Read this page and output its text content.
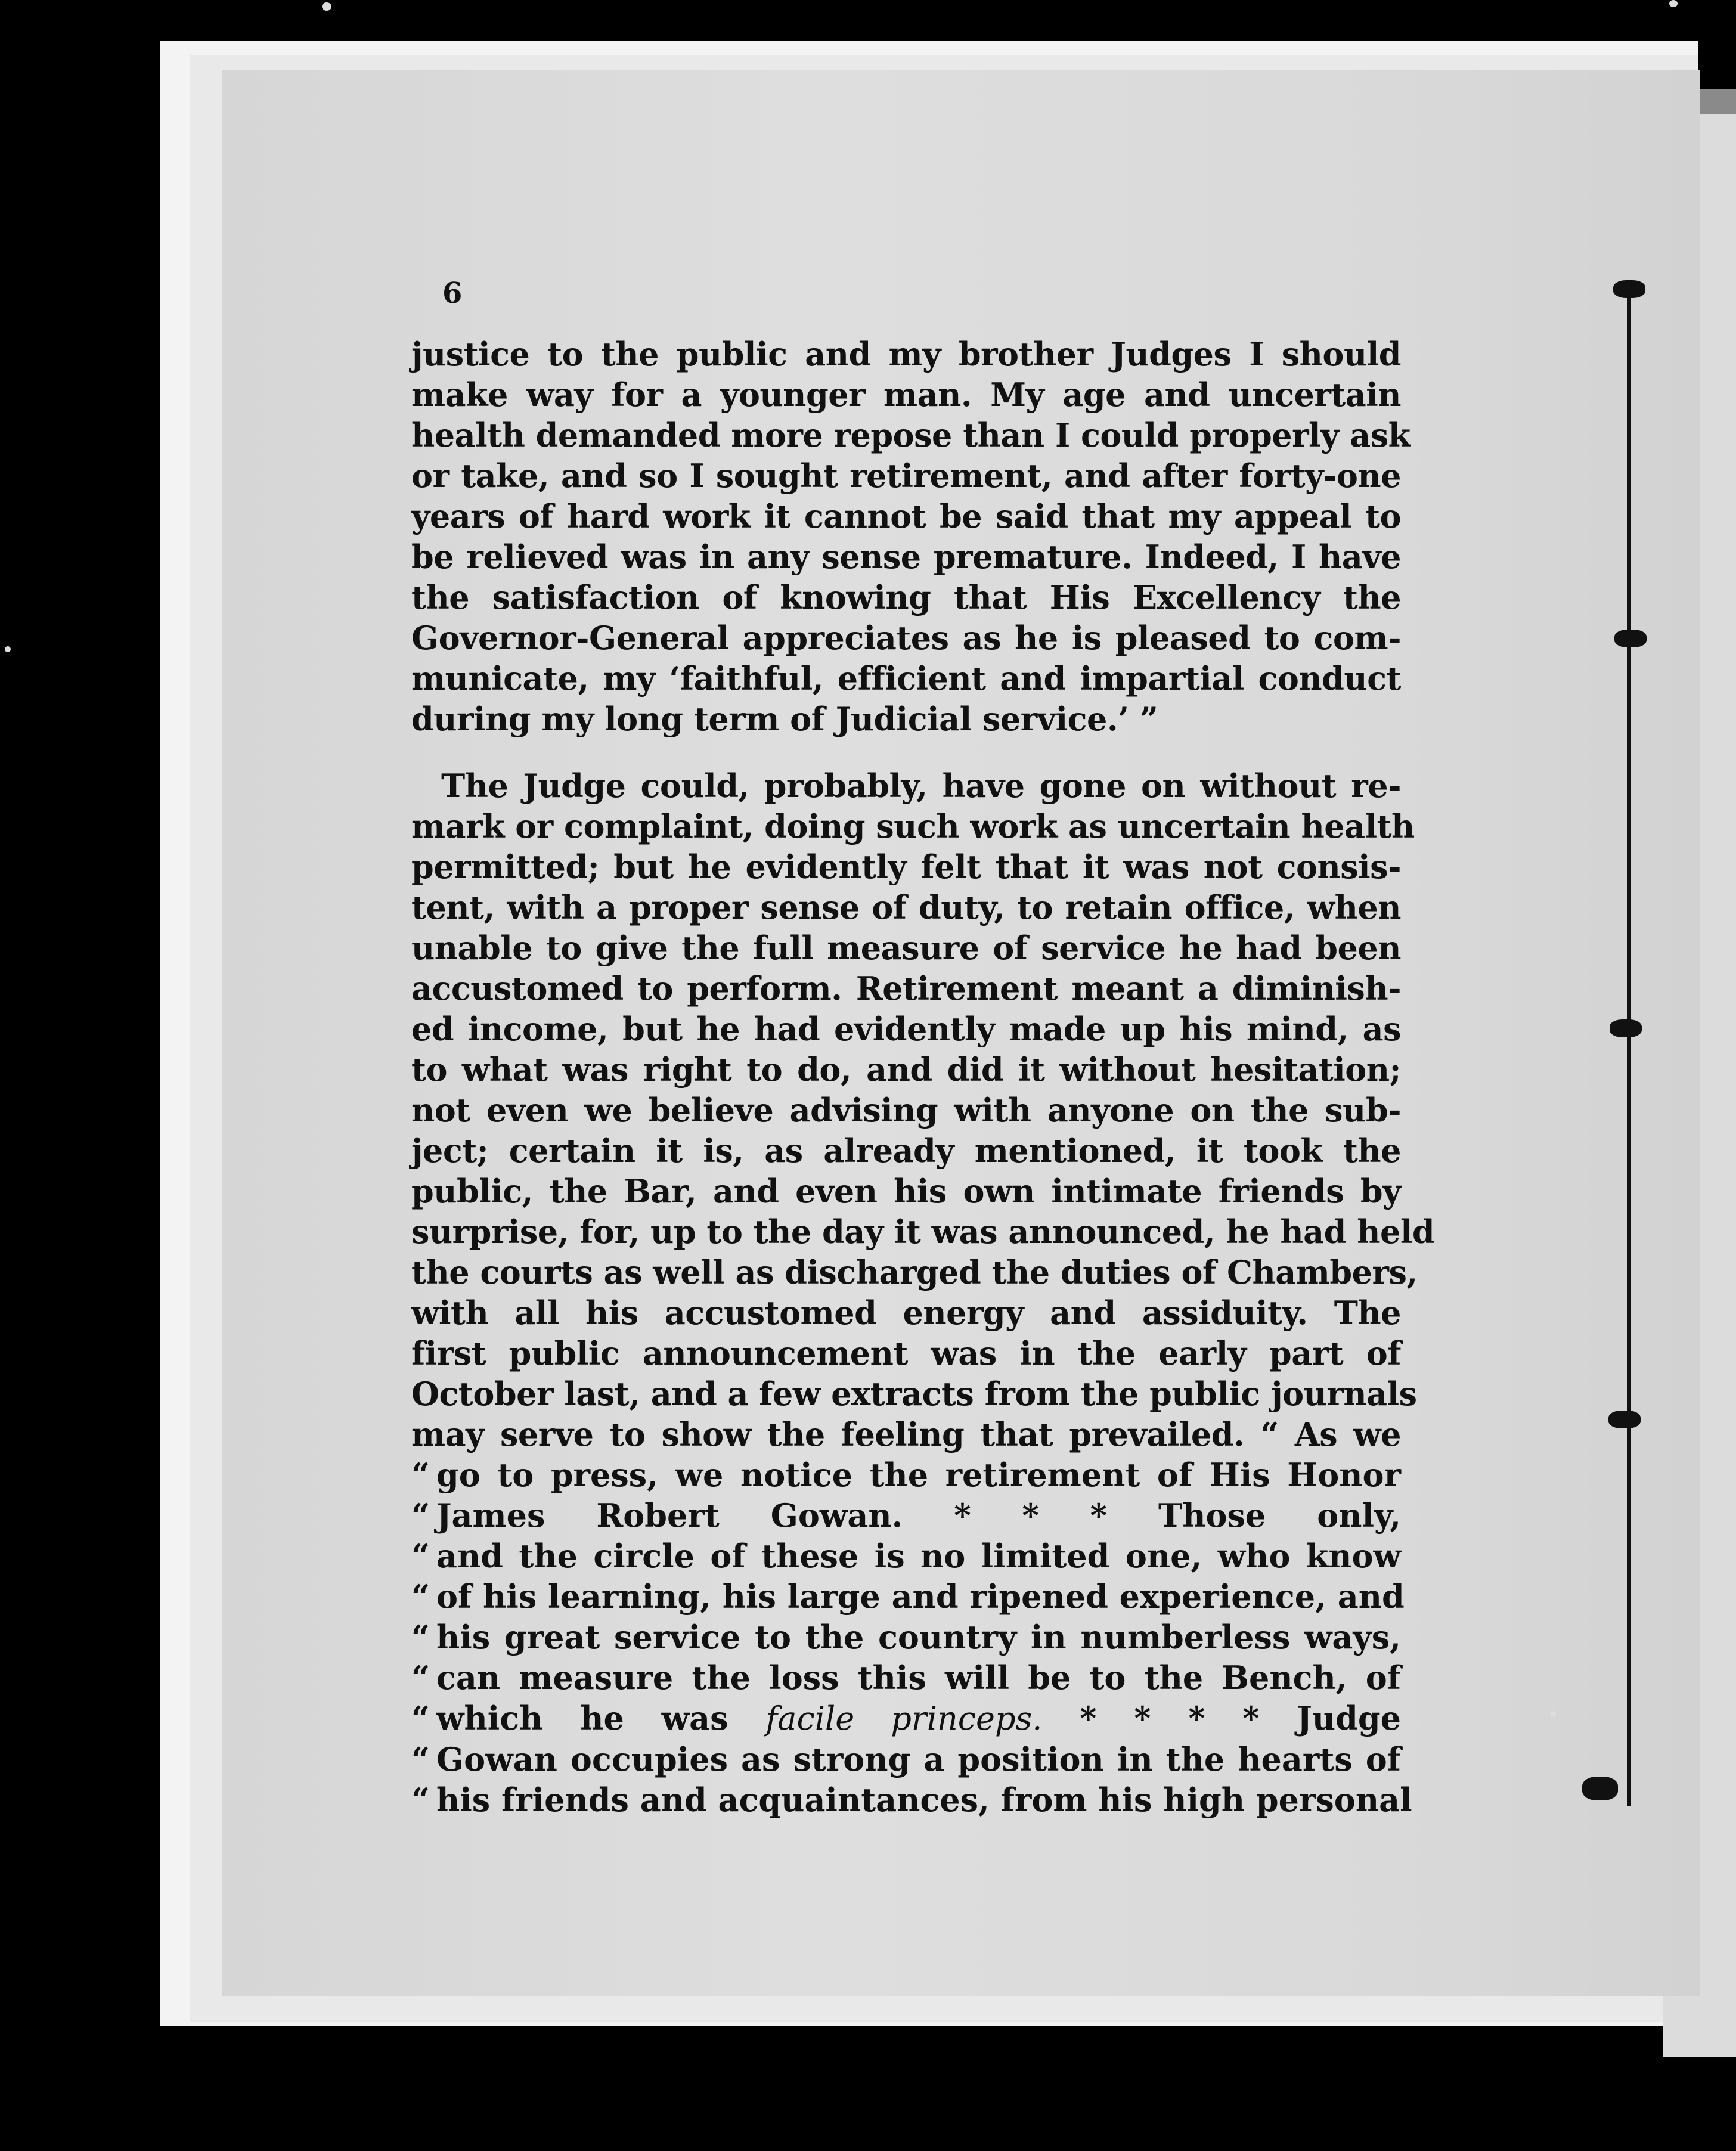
6
justice to the public and my brother Judges I should
make way for a younger man. My age and uncertain
health demanded more repose than I could properly ask
or take, and so I sought retirement, and after forty-one
years of hard work it cannot be said that my appeal to
be relieved was in any sense premature. Indeed, I have
the satisfaction of knowing that His Excellency the
Governor-General appreciates as he is pleased to com-
municate, my ‘faithful, efficient and impartial conduct
during my long term of Judicial service.’ ”
The Judge could, probably, have gone on without re-
mark or complaint, doing such work as uncertain health
permitted; but he evidently felt that it was not consis-
tent, with a proper sense of duty, to retain office, when
unable to give the full measure of service he had been
accustomed to perform. Retirement meant a diminish-
ed income, but he had evidently made up his mind, as
to what was right to do, and did it without hesitation;
not even we believe advising with anyone on the sub-
ject; certain it is, as already mentioned, it took the
public, the Bar, and even his own intimate friends by
surprise, for, up to the day it was announced, he had held
the courts as well as discharged the duties of Chambers,
with all his accustomed energy and assiduity. The
first public announcement was in the early part of
October last, and a few extracts from the public journals
may serve to show the feeling that prevailed. “ As we
“ go to press, we notice the retirement of His Honor
“ James Robert Gowan. * * * Those only,
“ and the circle of these is no limited one, who know
“ of his learning, his large and ripened experience, and
“ his great service to the country in numberless ways,
“ can measure the loss this will be to the Bench, of
“ which he was facile princeps. * * * * Judge
“ Gowan occupies as strong a position in the hearts of
“ his friends and acquaintances, from his high personal
